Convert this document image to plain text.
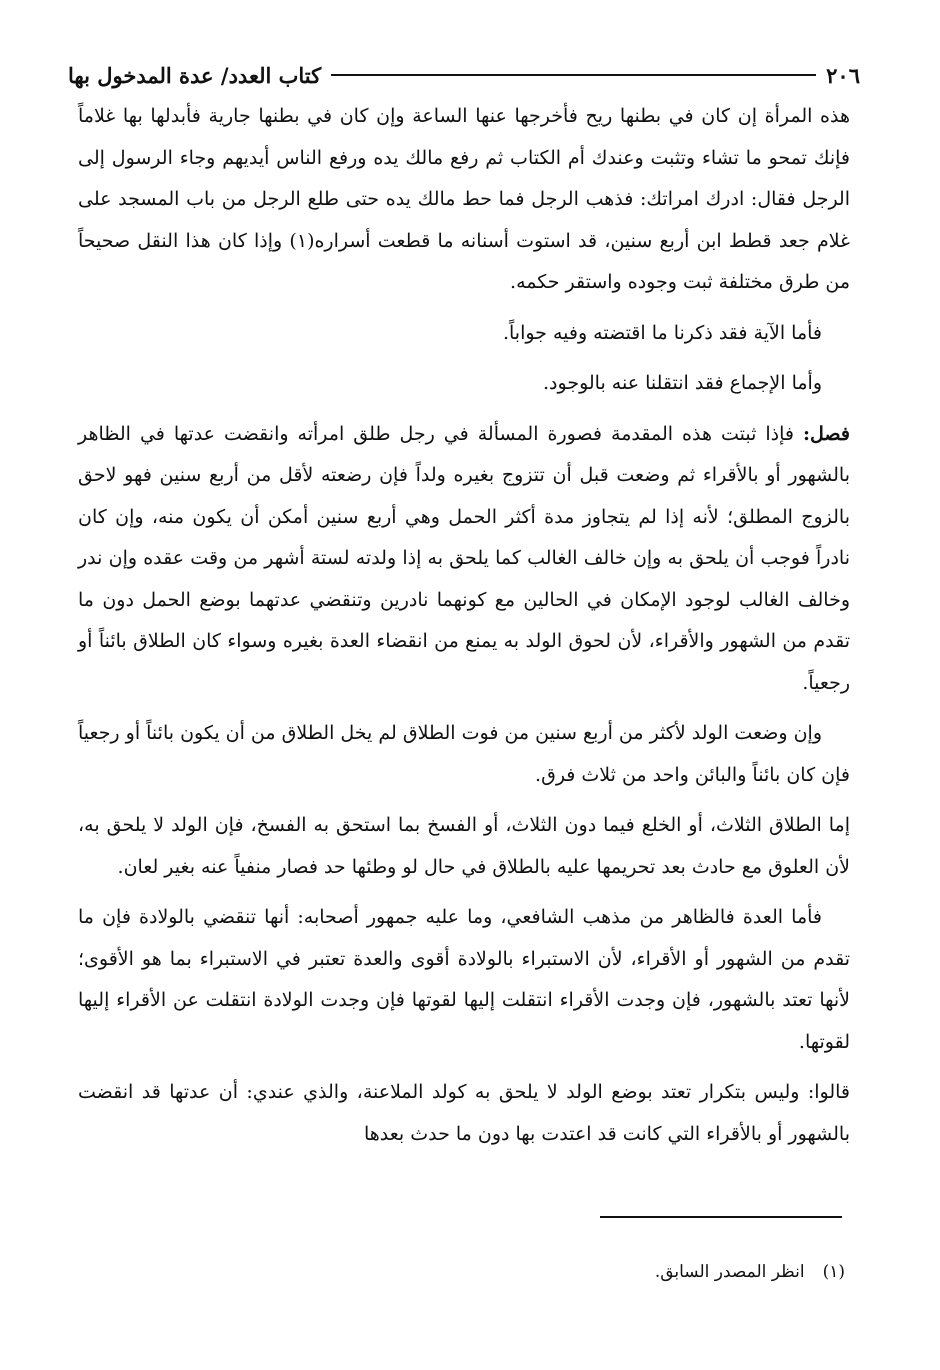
٢٠٦
كتاب العدد/ عدة المدخول بها

هذه المرأة إن كان في بطنها ريح فأخرجها عنها الساعة وإن كان في بطنها جارية فأبدلها بها غلاماً فإنك تمحو ما تشاء وتثبت وعندك أم الكتاب ثم رفع مالك يده ورفع الناس أيديهم وجاء الرسول إلى الرجل فقال: ادرك امراتك: فذهب الرجل فما حط مالك يده حتى طلع الرجل من باب المسجد على غلام جعد قطط ابن أربع سنين، قد استوت أسنانه ما قطعت أسراره(١) وإذا كان هذا النقل صحيحاً من طرق مختلفة ثبت وجوده واستقر حكمه.

فأما الآية فقد ذكرنا ما اقتضته وفيه جواباً.

وأما الإجماع فقد انتقلنا عنه بالوجود.

فصل: فإذا ثبتت هذه المقدمة فصورة المسألة في رجل طلق امرأته وانقضت عدتها في الظاهر بالشهور أو بالأقراء ثم وضعت قبل أن تتزوج بغيره ولداً فإن رضعته لأقل من أربع سنين فهو لاحق بالزوج المطلق؛ لأنه إذا لم يتجاوز مدة أكثر الحمل وهي أربع سنين أمكن أن يكون منه، وإن كان نادراً فوجب أن يلحق به وإن خالف الغالب كما يلحق به إذا ولدته لستة أشهر من وقت عقده وإن ندر وخالف الغالب لوجود الإمكان في الحالين مع كونهما نادرين وتنقضي عدتهما بوضع الحمل دون ما تقدم من الشهور والأقراء، لأن لحوق الولد به يمنع من انقضاء العدة بغيره وسواء كان الطلاق بائناً أو رجعياً.

وإن وضعت الولد لأكثر من أربع سنين من فوت الطلاق لم يخل الطلاق من أن يكون بائناً أو رجعياً فإن كان بائناً والبائن واحد من ثلاث فرق.

إما الطلاق الثلاث، أو الخلع فيما دون الثلاث، أو الفسخ بما استحق به الفسخ، فإن الولد لا يلحق به، لأن العلوق مع حادث بعد تحريمها عليه بالطلاق في حال لو وطئها حد فصار منفياً عنه بغير لعان.

فأما العدة فالظاهر من مذهب الشافعي، وما عليه جمهور أصحابه: أنها تنقضي بالولادة فإن ما تقدم من الشهور أو الأقراء، لأن الاستبراء بالولادة أقوى والعدة تعتبر في الاستبراء بما هو الأقوى؛ لأنها تعتد بالشهور، فإن وجدت الأقراء انتقلت إليها لقوتها فإن وجدت الولادة انتقلت عن الأقراء إليها لقوتها.

قالوا: وليس بتكرار تعتد بوضع الولد لا يلحق به كولد الملاعنة، والذي عندي: أن عدتها قد انقضت بالشهور أو بالأقراء التي كانت قد اعتدت بها دون ما حدث بعدها

(١)انظر المصدر السابق.
